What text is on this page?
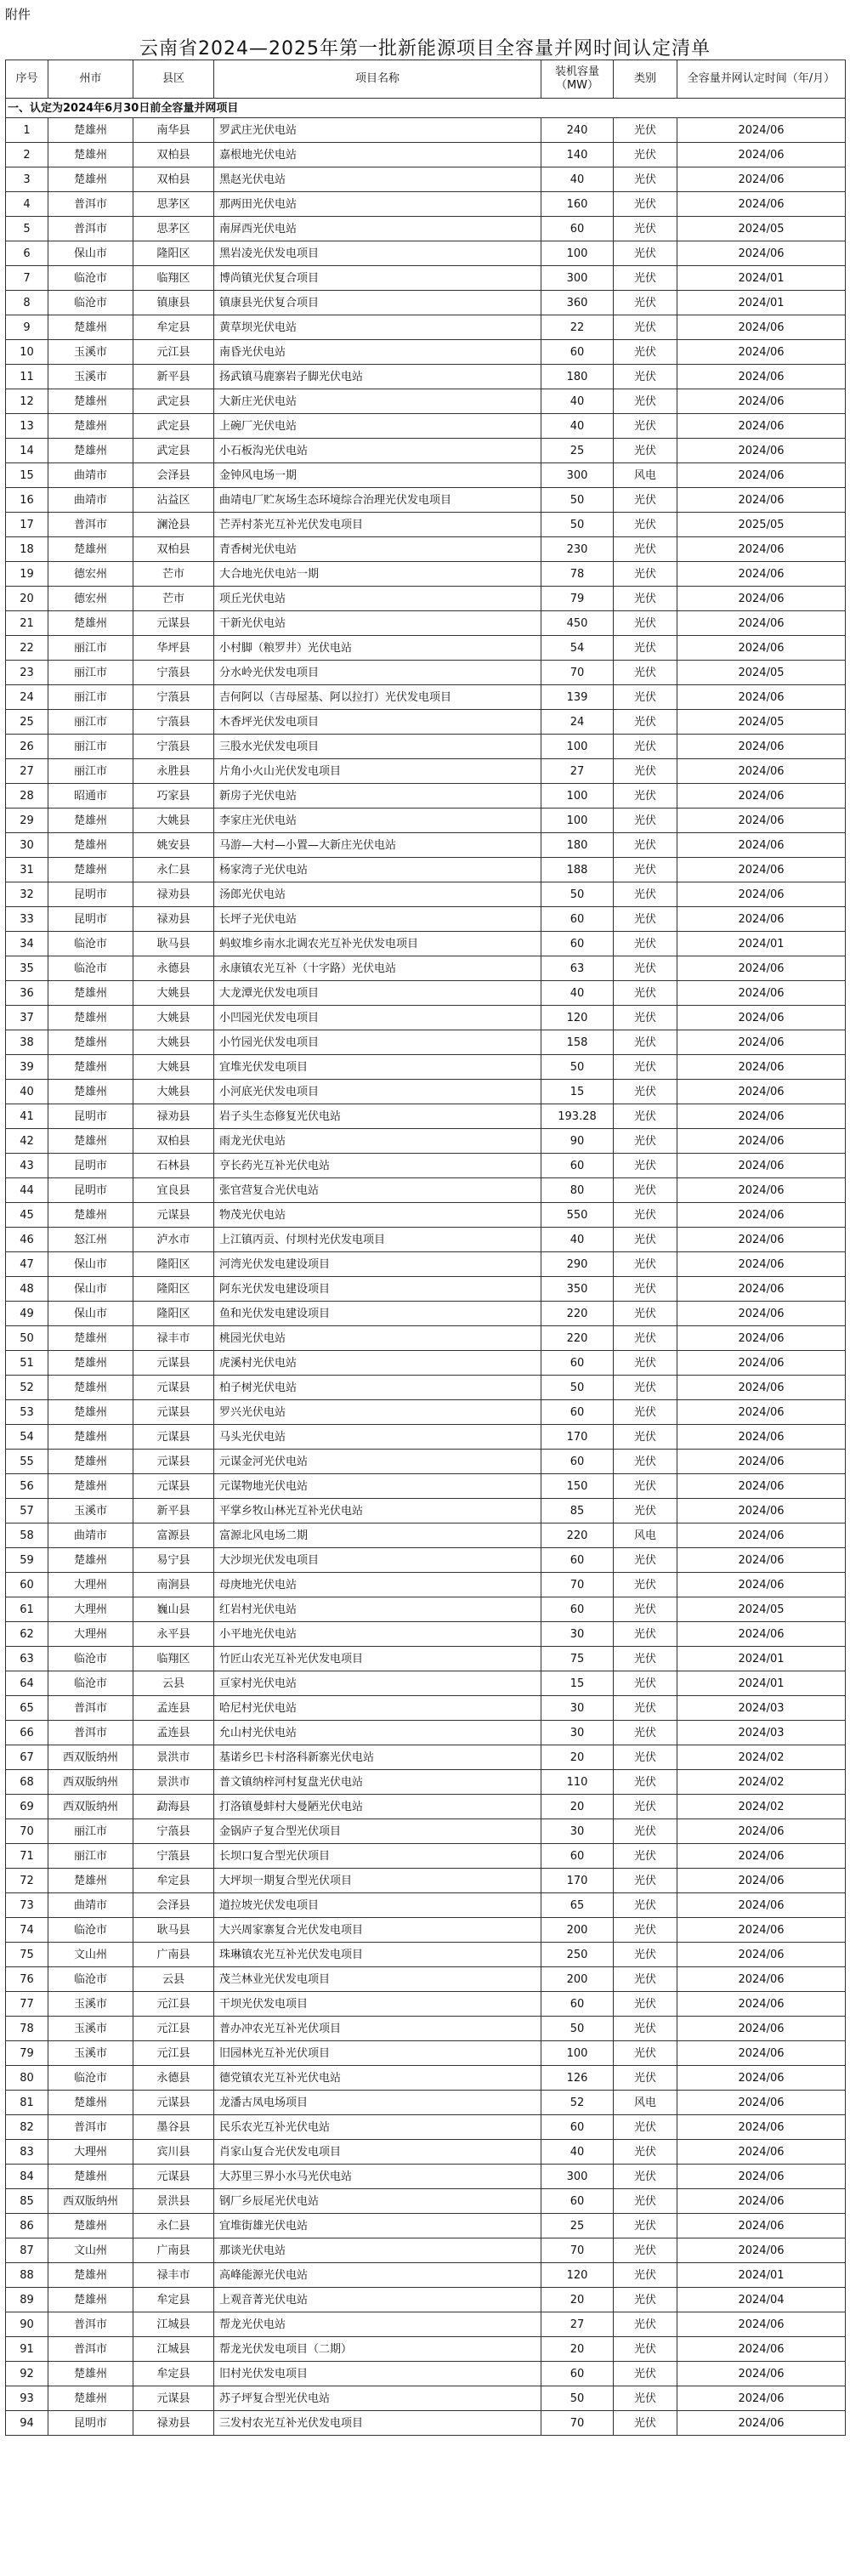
附件
云南省2024—2025年第一批新能源项目全容量并网时间认定清单
序号	州市	县区	项目名称	装机容量（MW）	类别	全容量并网认定时间（年/月）
一、认定为2024年6月30日前全容量并网项目						
1	楚雄州	南华县	罗武庄光伏电站	240	光伏	2024/06
2	楚雄州	双柏县	嘉根地光伏电站	140	光伏	2024/06
3	楚雄州	双柏县	黑赵光伏电站	40	光伏	2024/06
4	普洱市	思茅区	那两田光伏电站	160	光伏	2024/06
5	普洱市	思茅区	南屏西光伏电站	60	光伏	2024/05
6	保山市	隆阳区	黑岩凌光伏发电项目	100	光伏	2024/06
7	临沧市	临翔区	博尚镇光伏复合项目	300	光伏	2024/01
8	临沧市	镇康县	镇康县光伏复合项目	360	光伏	2024/01
9	楚雄州	牟定县	黄草坝光伏电站	22	光伏	2024/06
10	玉溪市	元江县	南昏光伏电站	60	光伏	2024/06
11	玉溪市	新平县	扬武镇马鹿寨岩子脚光伏电站	180	光伏	2024/06
12	楚雄州	武定县	大新庄光伏电站	40	光伏	2024/06
13	楚雄州	武定县	上碗厂光伏电站	40	光伏	2024/06
14	楚雄州	武定县	小石板沟光伏电站	25	光伏	2024/06
15	曲靖市	会泽县	金钟风电场一期	300	风电	2024/06
16	曲靖市	沾益区	曲靖电厂贮灰场生态环境综合治理光伏发电项目	50	光伏	2024/06
17	普洱市	澜沧县	芒弄村茶光互补光伏发电项目	50	光伏	2025/05
18	楚雄州	双柏县	青香树光伏电站	230	光伏	2024/06
19	德宏州	芒市	大合地光伏电站一期	78	光伏	2024/06
20	德宏州	芒市	项丘光伏电站	79	光伏	2024/06
21	楚雄州	元谋县	干新光伏电站	450	光伏	2024/06
22	丽江市	华坪县	小村脚（粮罗井）光伏电站	54	光伏	2024/06
23	丽江市	宁蒗县	分水岭光伏发电项目	70	光伏	2024/05
24	丽江市	宁蒗县	吉何阿以（吉母屋基、阿以拉打）光伏发电项目	139	光伏	2024/06
25	丽江市	宁蒗县	木香坪光伏发电项目	24	光伏	2024/05
26	丽江市	宁蒗县	三股水光伏发电项目	100	光伏	2024/06
27	丽江市	永胜县	片角小火山光伏发电项目	27	光伏	2024/06
28	昭通市	巧家县	新房子光伏电站	100	光伏	2024/06
29	楚雄州	大姚县	李家庄光伏电站	100	光伏	2024/06
30	楚雄州	姚安县	马游—大村—小置—大新庄光伏电站	180	光伏	2024/06
31	楚雄州	永仁县	杨家湾子光伏电站	188	光伏	2024/06
32	昆明市	禄劝县	汤郎光伏电站	50	光伏	2024/06
33	昆明市	禄劝县	长坪子光伏电站	60	光伏	2024/06
34	临沧市	耿马县	蚂蚁堆乡南水北调农光互补光伏发电项目	60	光伏	2024/01
35	临沧市	永德县	永康镇农光互补（十字路）光伏电站	63	光伏	2024/06
36	楚雄州	大姚县	大龙潭光伏发电项目	40	光伏	2024/06
37	楚雄州	大姚县	小凹园光伏发电项目	120	光伏	2024/06
38	楚雄州	大姚县	小竹园光伏发电项目	158	光伏	2024/06
39	楚雄州	大姚县	宜堆光伏发电项目	50	光伏	2024/06
40	楚雄州	大姚县	小河底光伏发电项目	15	光伏	2024/06
41	昆明市	禄劝县	岩子头生态修复光伏电站	193.28	光伏	2024/06
42	楚雄州	双柏县	雨龙光伏电站	90	光伏	2024/06
43	昆明市	石林县	亨长药光互补光伏电站	60	光伏	2024/06
44	昆明市	宜良县	张官营复合光伏电站	80	光伏	2024/06
45	楚雄州	元谋县	物茂光伏电站	550	光伏	2024/06
46	怒江州	泸水市	上江镇丙贡、付坝村光伏发电项目	40	光伏	2024/06
47	保山市	隆阳区	河湾光伏发电建设项目	290	光伏	2024/06
48	保山市	隆阳区	阿东光伏发电建设项目	350	光伏	2024/06
49	保山市	隆阳区	鱼和光伏发电建设项目	220	光伏	2024/06
50	楚雄州	禄丰市	桃园光伏电站	220	光伏	2024/06
51	楚雄州	元谋县	虎溪村光伏电站	60	光伏	2024/06
52	楚雄州	元谋县	柏子树光伏电站	50	光伏	2024/06
53	楚雄州	元谋县	罗兴光伏电站	60	光伏	2024/06
54	楚雄州	元谋县	马头光伏电站	170	光伏	2024/06
55	楚雄州	元谋县	元谋金河光伏电站	60	光伏	2024/06
56	楚雄州	元谋县	元谋物地光伏电站	150	光伏	2024/06
57	玉溪市	新平县	平掌乡牧山林光互补光伏电站	85	光伏	2024/06
58	曲靖市	富源县	富源北风电场二期	220	风电	2024/06
59	楚雄州	易宁县	大沙坝光伏发电项目	60	光伏	2024/06
60	大理州	南涧县	母庚地光伏电站	70	光伏	2024/06
61	大理州	巍山县	红岩村光伏电站	60	光伏	2024/05
62	大理州	永平县	小平地光伏电站	30	光伏	2024/06
63	临沧市	临翔区	竹匠山农光互补光伏发电项目	75	光伏	2024/01
64	临沧市	云县	亘家村光伏电站	15	光伏	2024/01
65	普洱市	孟连县	哈尼村光伏电站	30	光伏	2024/03
66	普洱市	孟连县	允山村光伏电站	30	光伏	2024/03
67	西双版纳州	景洪市	基诺乡巴卡村洛科新寨光伏电站	20	光伏	2024/02
68	西双版纳州	景洪市	普文镇纳梓河村复盘光伏电站	110	光伏	2024/02
69	西双版纳州	勐海县	打洛镇曼蚌村大曼陋光伏电站	20	光伏	2024/02
70	丽江市	宁蒗县	金锅庐子复合型光伏项目	30	光伏	2024/06
71	丽江市	宁蒗县	长坝口复合型光伏项目	60	光伏	2024/06
72	楚雄州	牟定县	大坪坝一期复合型光伏项目	170	光伏	2024/06
73	曲靖市	会泽县	道拉坡光伏发电项目	65	光伏	2024/06
74	临沧市	耿马县	大兴周家寨复合光伏发电项目	200	光伏	2024/06
75	文山州	广南县	珠琳镇农光互补光伏发电项目	250	光伏	2024/06
76	临沧市	云县	茂兰林业光伏发电项目	200	光伏	2024/06
77	玉溪市	元江县	干坝光伏发电项目	60	光伏	2024/06
78	玉溪市	元江县	普办冲农光互补光伏项目	50	光伏	2024/06
79	玉溪市	元江县	旧园林光互补光伏项目	100	光伏	2024/06
80	临沧市	永德县	德党镇农光互补光伏电站	126	光伏	2024/06
81	楚雄州	元谋县	龙潘古凤电场项目	52	风电	2024/06
82	普洱市	墨谷县	民乐农光互补光伏电站	60	光伏	2024/06
83	大理州	宾川县	肖家山复合光伏发电项目	40	光伏	2024/06
84	楚雄州	元谋县	大苏里三界小水马光伏电站	300	光伏	2024/06
85	西双版纳州	景洪县	钢厂乡辰尾光伏电站	60	光伏	2024/06
86	楚雄州	永仁县	宜堆街雄光伏电站	25	光伏	2024/06
87	文山州	广南县	那谈光伏电站	70	光伏	2024/06
88	楚雄州	禄丰市	高峰能源光伏电站	120	光伏	2024/01
89	楚雄州	牟定县	上观音菁光伏电站	20	光伏	2024/04
90	普洱市	江城县	帮龙光伏电站	27	光伏	2024/06
91	普洱市	江城县	帮龙光伏发电项目（二期）	20	光伏	2024/06
92	楚雄州	牟定县	旧村光伏发电项目	60	光伏	2024/06
93	楚雄州	元谋县	苏子坪复合型光伏电站	50	光伏	2024/06
94	昆明市	禄劝县	三发村农光互补光伏发电项目	70	光伏	2024/06
